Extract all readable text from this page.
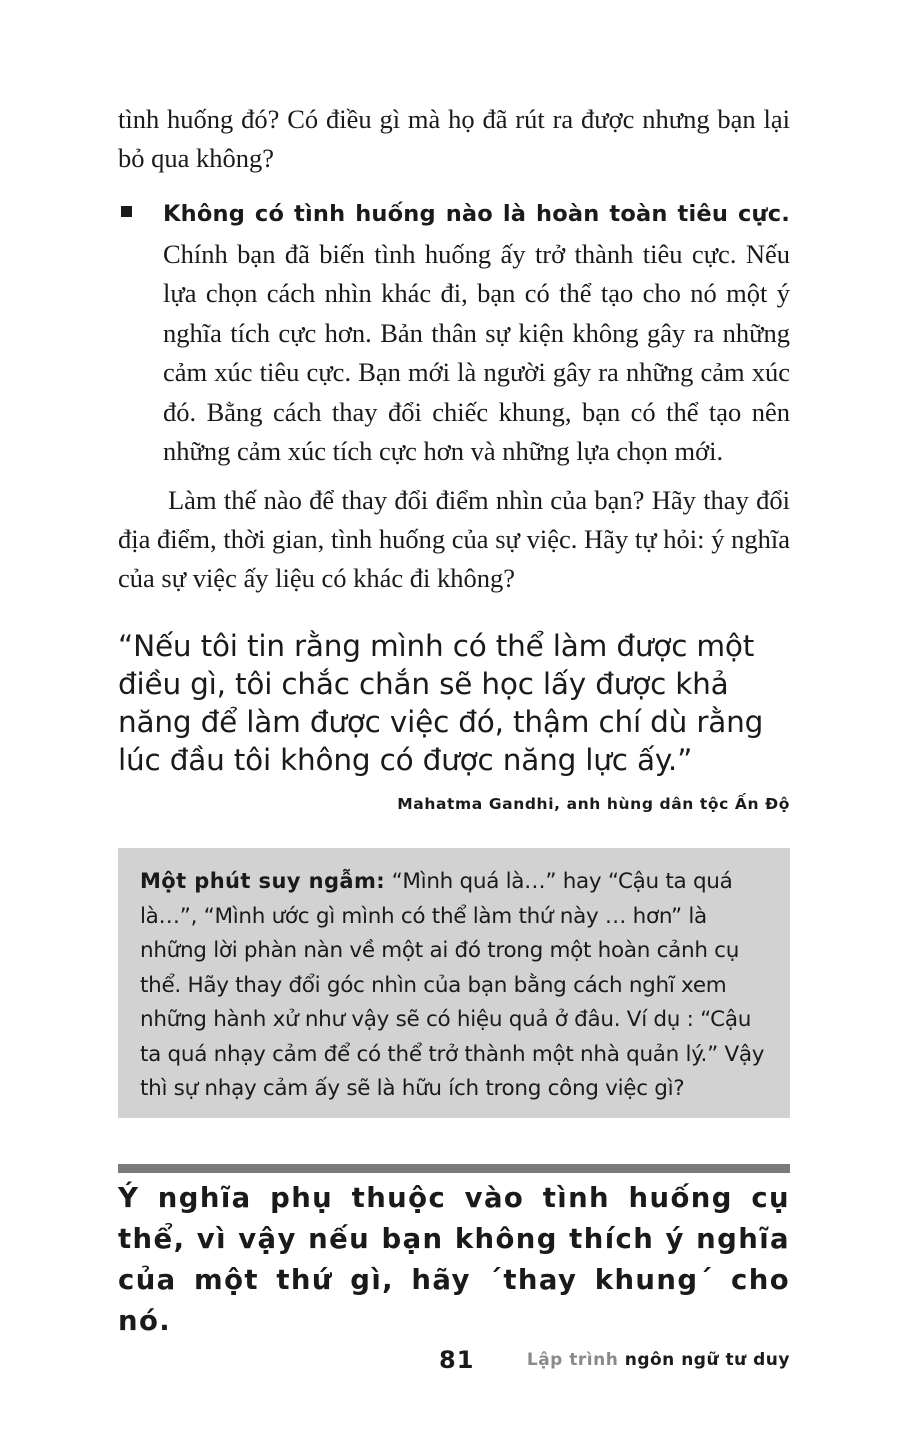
tình huống đó? Có điều gì mà họ đã rút ra được nhưng bạn lại bỏ qua không?

Không có tình huống nào là hoàn toàn tiêu cực. Chính bạn đã biến tình huống ấy trở thành tiêu cực. Nếu lựa chọn cách nhìn khác đi, bạn có thể tạo cho nó một ý nghĩa tích cực hơn. Bản thân sự kiện không gây ra những cảm xúc tiêu cực. Bạn mới là người gây ra những cảm xúc đó. Bằng cách thay đổi chiếc khung, bạn có thể tạo nên những cảm xúc tích cực hơn và những lựa chọn mới.

Làm thế nào để thay đổi điểm nhìn của bạn? Hãy thay đổi địa điểm, thời gian, tình huống của sự việc. Hãy tự hỏi: ý nghĩa của sự việc ấy liệu có khác đi không?

“Nếu tôi tin rằng mình có thể làm được một điều gì, tôi chắc chắn sẽ học lấy được khả năng để làm được việc đó, thậm chí dù rằng lúc đầu tôi không có được năng lực ấy.”
Mahatma Gandhi, anh hùng dân tộc Ấn Độ
Một phút suy ngẫm: “Mình quá là…” hay “Cậu ta quá là…”, “Mình ước gì mình có thể làm thứ này … hơn” là những lời phàn nàn về một ai đó trong một hoàn cảnh cụ thể. Hãy thay đổi góc nhìn của bạn bằng cách nghĩ xem những hành xử như vậy sẽ có hiệu quả ở đâu. Ví dụ : “Cậu ta quá nhạy cảm để có thể trở thành một nhà quản lý.” Vậy thì sự nhạy cảm ấy sẽ là hữu ích trong công việc gì?

Ý nghĩa phụ thuộc vào tình huống cụ thể, vì vậy nếu bạn không thích ý nghĩa của một thứ gì, hãy ´thay khung´ cho nó.

81	Lập trình ngôn ngữ tư duy
